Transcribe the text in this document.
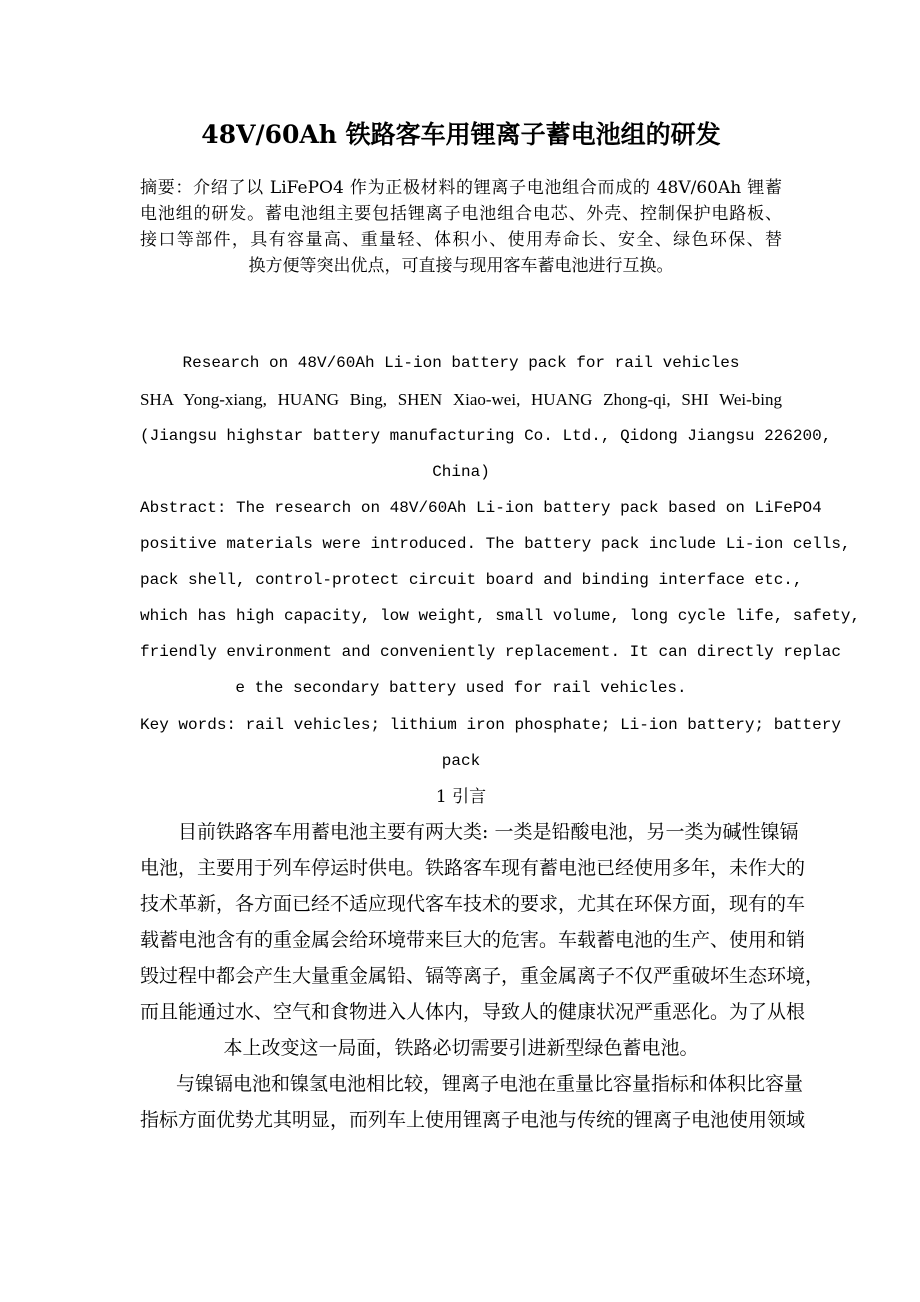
48V/60Ah 铁路客车用锂离子蓄电池组的研发
摘要：介绍了以 LiFePO4 作为正极材料的锂离子电池组合而成的 48V/60Ah 锂蓄
电池组的研发。蓄电池组主要包括锂离子电池组合电芯、外壳、控制保护电路板、
接口等部件，具有容量高、重量轻、体积小、使用寿命长、安全、绿色环保、替
换方便等突出优点，可直接与现用客车蓄电池进行互换。
Research on 48V/60Ah Li-ion battery pack for rail vehicles
SHA Yong-xiang, HUANG Bing, SHEN Xiao-wei, HUANG Zhong-qi, SHI Wei-bing
(Jiangsu highstar battery manufacturing Co. Ltd., Qidong Jiangsu 226200,
China)
Abstract: The research on 48V/60Ah Li-ion battery pack based on LiFePO4
positive materials were introduced. The battery pack include Li-ion cells,
pack shell, control-protect circuit board and binding interface etc.,
which has high capacity, low weight, small volume, long cycle life, safety,
friendly environment and conveniently replacement. It can directly replac
e the secondary battery used for rail vehicles.
Key words: rail vehicles; lithium iron phosphate; Li-ion battery; battery
pack
1 引言
目前铁路客车用蓄电池主要有两大类: 一类是铅酸电池，另一类为碱性镍镉
电池，主要用于列车停运时供电。铁路客车现有蓄电池已经使用多年，未作大的
技术革新，各方面已经不适应现代客车技术的要求，尤其在环保方面，现有的车
载蓄电池含有的重金属会给环境带来巨大的危害。车载蓄电池的生产、使用和销
毁过程中都会产生大量重金属铅、镉等离子，重金属离子不仅严重破坏生态环境，
而且能通过水、空气和食物进入人体内，导致人的健康状况严重恶化。为了从根
本上改变这一局面，铁路必切需要引进新型绿色蓄电池。
与镍镉电池和镍氢电池相比较，锂离子电池在重量比容量指标和体积比容量
指标方面优势尤其明显，而列车上使用锂离子电池与传统的锂离子电池使用领域
